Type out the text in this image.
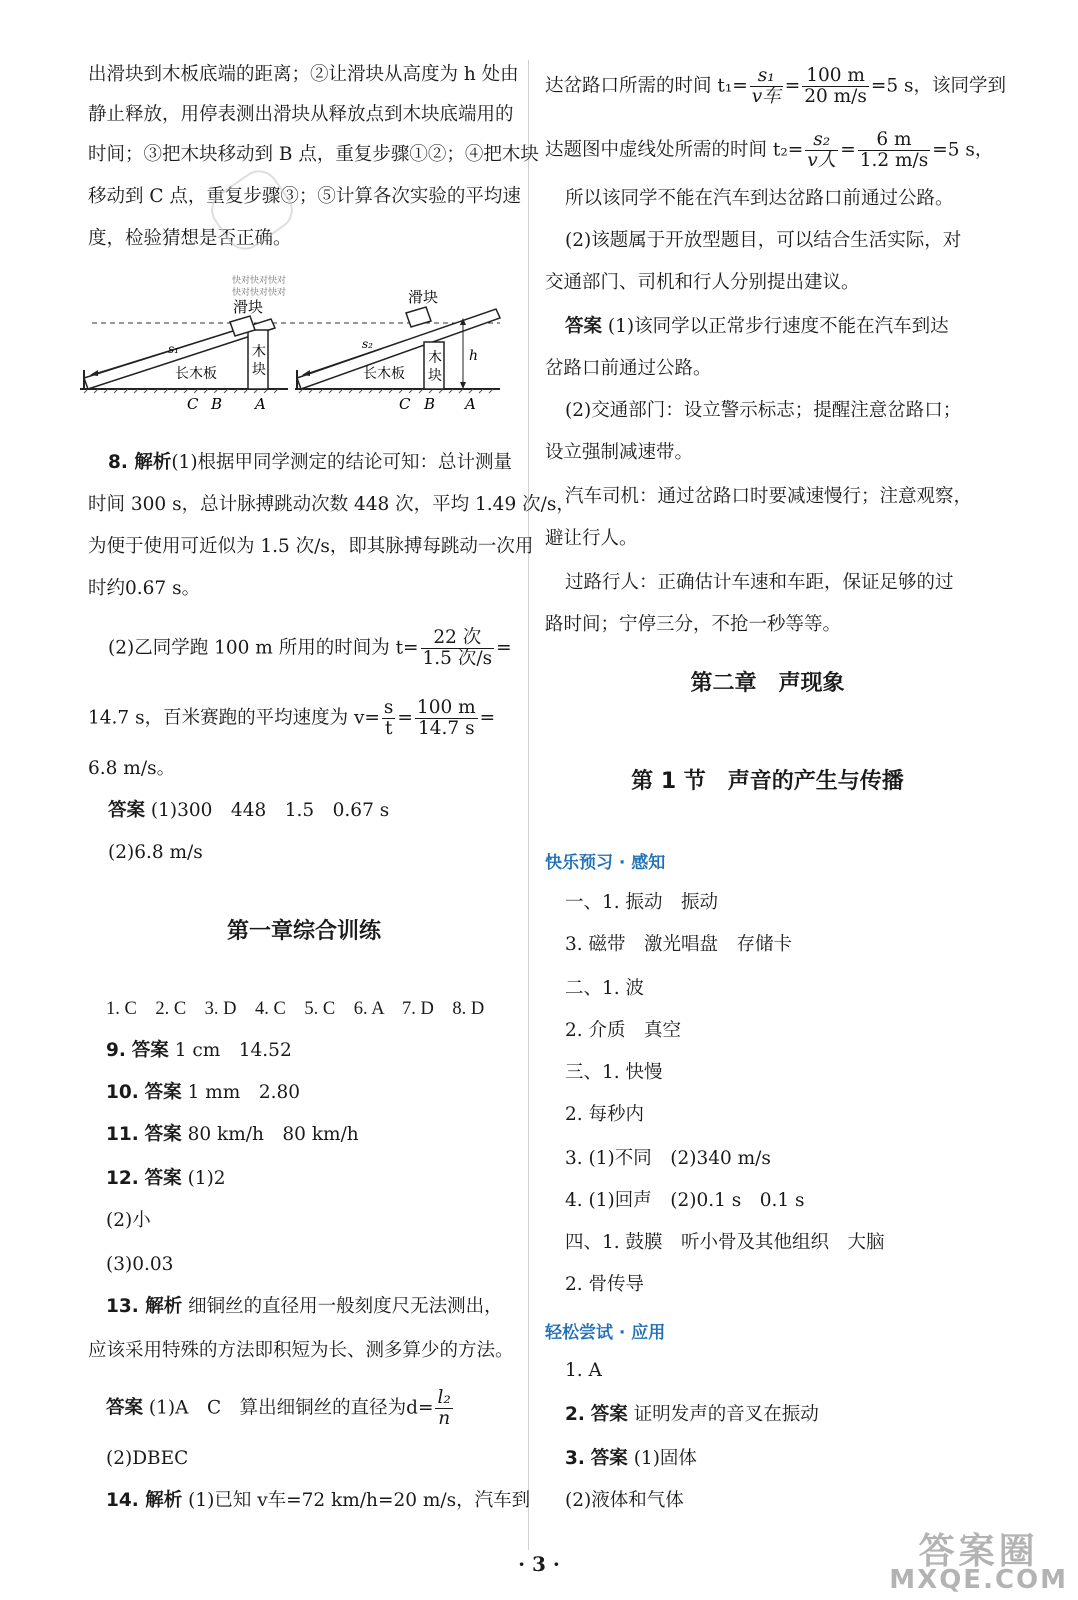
出滑块到木板底端的距离；②让滑块从高度为 h 处由
静止释放，用停表测出滑块从释放点到木块底端用的
时间；③把木块移动到 B 点，重复步骤①②；④把木块
移动到 C 点，重复步骤③；⑤计算各次实验的平均速
度，检验猜想是否正确。
快对快对快对
快对快对快对
s₁
长木板
木
块
滑块
C B A
s₂
长木板
木
块
滑块
h
C B A
8. 解析(1)根据甲同学测定的结论可知：总计测量
时间 300 s，总计脉搏跳动次数 448 次，平均 1.49 次/s，
为便于使用可近似为 1.5 次/s，即其脉搏每跳动一次用
时约0.67 s。
(2)乙同学跑 100 m 所用的时间为 $t= \frac{\text{22 次}}{\text{1.5 次/s}}$ =
14.7 s，百米赛跑的平均速度为 $v= \frac{s}{t} = \frac{100 m}{14.7 s}$ =
6.8 m/s。
答案 (1)300　448　1.5　0.67 s
(2)6.8 m/s
第一章综合训练
1. C　2. C　3. D　4. C　5. C　6. A　7. D　8. D
9. 答案 1 cm　14.52
10. 答案 1 mm　2.80
11. 答案 80 km/h　80 km/h
12. 答案 (1)2
(2)小
(3)0.03
13. 解析 细铜丝的直径用一般刻度尺无法测出，
应该采用特殊的方法即积短为长、测多算少的方法。
答案 (1)A　C　算出细铜丝的直径为$d= \frac{\text{l₂}}{n}$
(2)DBEC
14. 解析 (1)已知 v车=72 km/h=20 m/s，汽车到
达岔路口所需的时间 $t_1= \frac{\text{s₁}}{\text{v车}} = \frac{100 m}{20 m/s} =5$ s，该同学到
达题图中虚线处所需的时间 $t_2= \frac{\text{s₂}}{\text{v人}} = \frac{6 m}{1.2 m/s} =5$ s，
所以该同学不能在汽车到达岔路口前通过公路。
(2)该题属于开放型题目，可以结合生活实际，对
交通部门、司机和行人分别提出建议。
答案 (1)该同学以正常步行速度不能在汽车到达
岔路口前通过公路。
(2)交通部门：设立警示标志；提醒注意岔路口；
设立强制减速带。
汽车司机：通过岔路口时要减速慢行；注意观察，
避让行人。
过路行人：正确估计车速和车距，保证足够的过
路时间；宁停三分，不抢一秒等等。
第二章　声现象
第 1 节　声音的产生与传播
快乐预习 · 感知
一、1. 振动　振动
3. 磁带　激光唱盘　存储卡
二、1. 波
2. 介质　真空
三、1. 快慢
2. 每秒内
3. (1)不同　(2)340 m/s
4. (1)回声　(2)0.1 s　0.1 s
四、1. 鼓膜　听小骨及其他组织　大脑
2. 骨传导
轻松尝试 · 应用
1. A
2. 答案 证明发声的音叉在振动
3. 答案 (1)固体
(2)液体和气体
· 3 ·	答案圈
MXQE.COM
